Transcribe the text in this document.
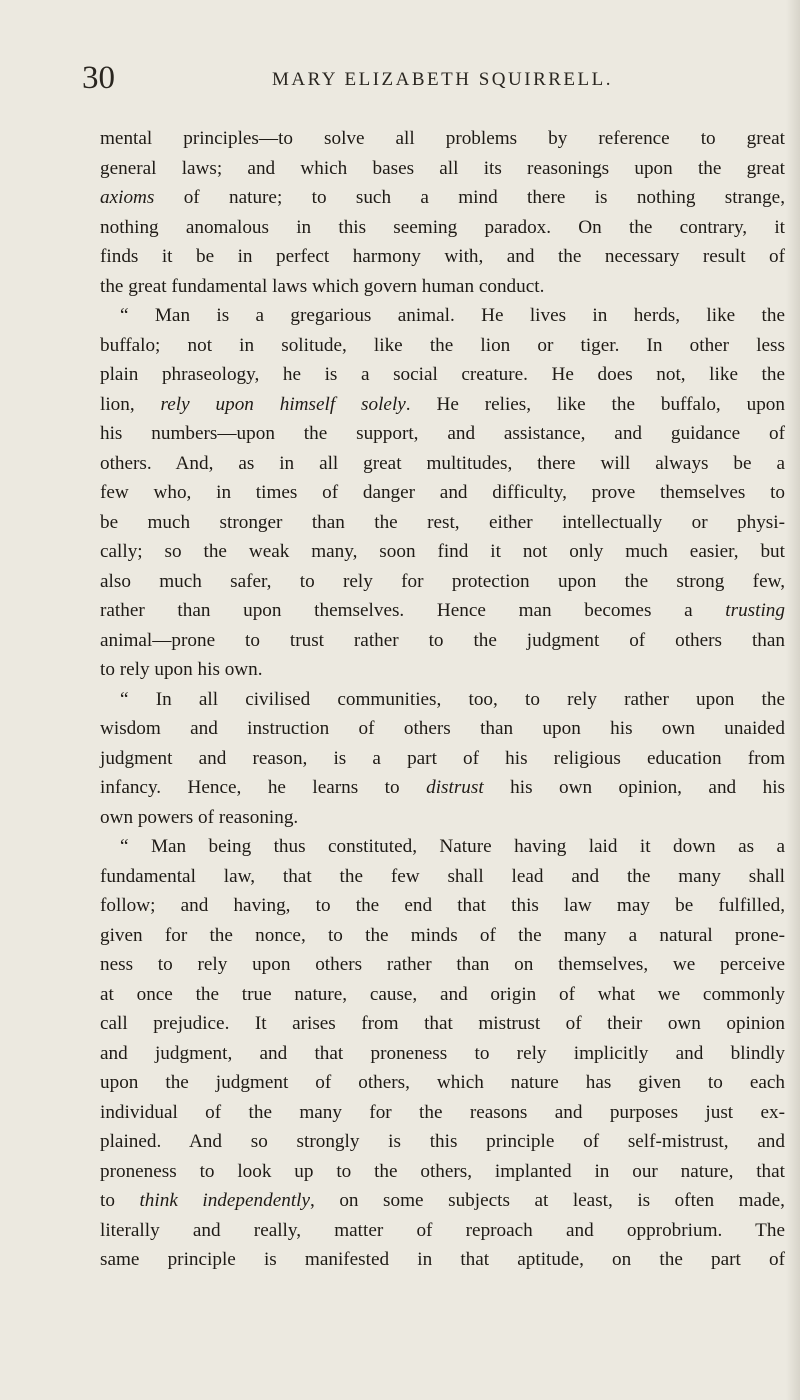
30	MARY ELIZABETH SQUIRRELL.
mental principles—to solve all problems by reference to great
general laws; and which bases all its reasonings upon the great
axioms of nature; to such a mind there is nothing strange,
nothing anomalous in this seeming paradox. On the contrary, it
finds it be in perfect harmony with, and the necessary result of
the great fundamental laws which govern human conduct.
“ Man is a gregarious animal. He lives in herds, like the
buffalo; not in solitude, like the lion or tiger. In other less
plain phraseology, he is a social creature. He does not, like the
lion, rely upon himself solely. He relies, like the buffalo, upon
his numbers—upon the support, and assistance, and guidance of
others. And, as in all great multitudes, there will always be a
few who, in times of danger and difficulty, prove themselves to
be much stronger than the rest, either intellectually or physi-
cally; so the weak many, soon find it not only much easier, but
also much safer, to rely for protection upon the strong few,
rather than upon themselves. Hence man becomes a trusting
animal—prone to trust rather to the judgment of others than
to rely upon his own.
“ In all civilised communities, too, to rely rather upon the
wisdom and instruction of others than upon his own unaided
judgment and reason, is a part of his religious education from
infancy. Hence, he learns to distrust his own opinion, and his
own powers of reasoning.
“ Man being thus constituted, Nature having laid it down as a
fundamental law, that the few shall lead and the many shall
follow; and having, to the end that this law may be fulfilled,
given for the nonce, to the minds of the many a natural prone-
ness to rely upon others rather than on themselves, we perceive
at once the true nature, cause, and origin of what we commonly
call prejudice. It arises from that mistrust of their own opinion
and judgment, and that proneness to rely implicitly and blindly
upon the judgment of others, which nature has given to each
individual of the many for the reasons and purposes just ex-
plained. And so strongly is this principle of self-mistrust, and
proneness to look up to the others, implanted in our nature, that
to think independently, on some subjects at least, is often made,
literally and really, matter of reproach and opprobrium. The
same principle is manifested in that aptitude, on the part of
